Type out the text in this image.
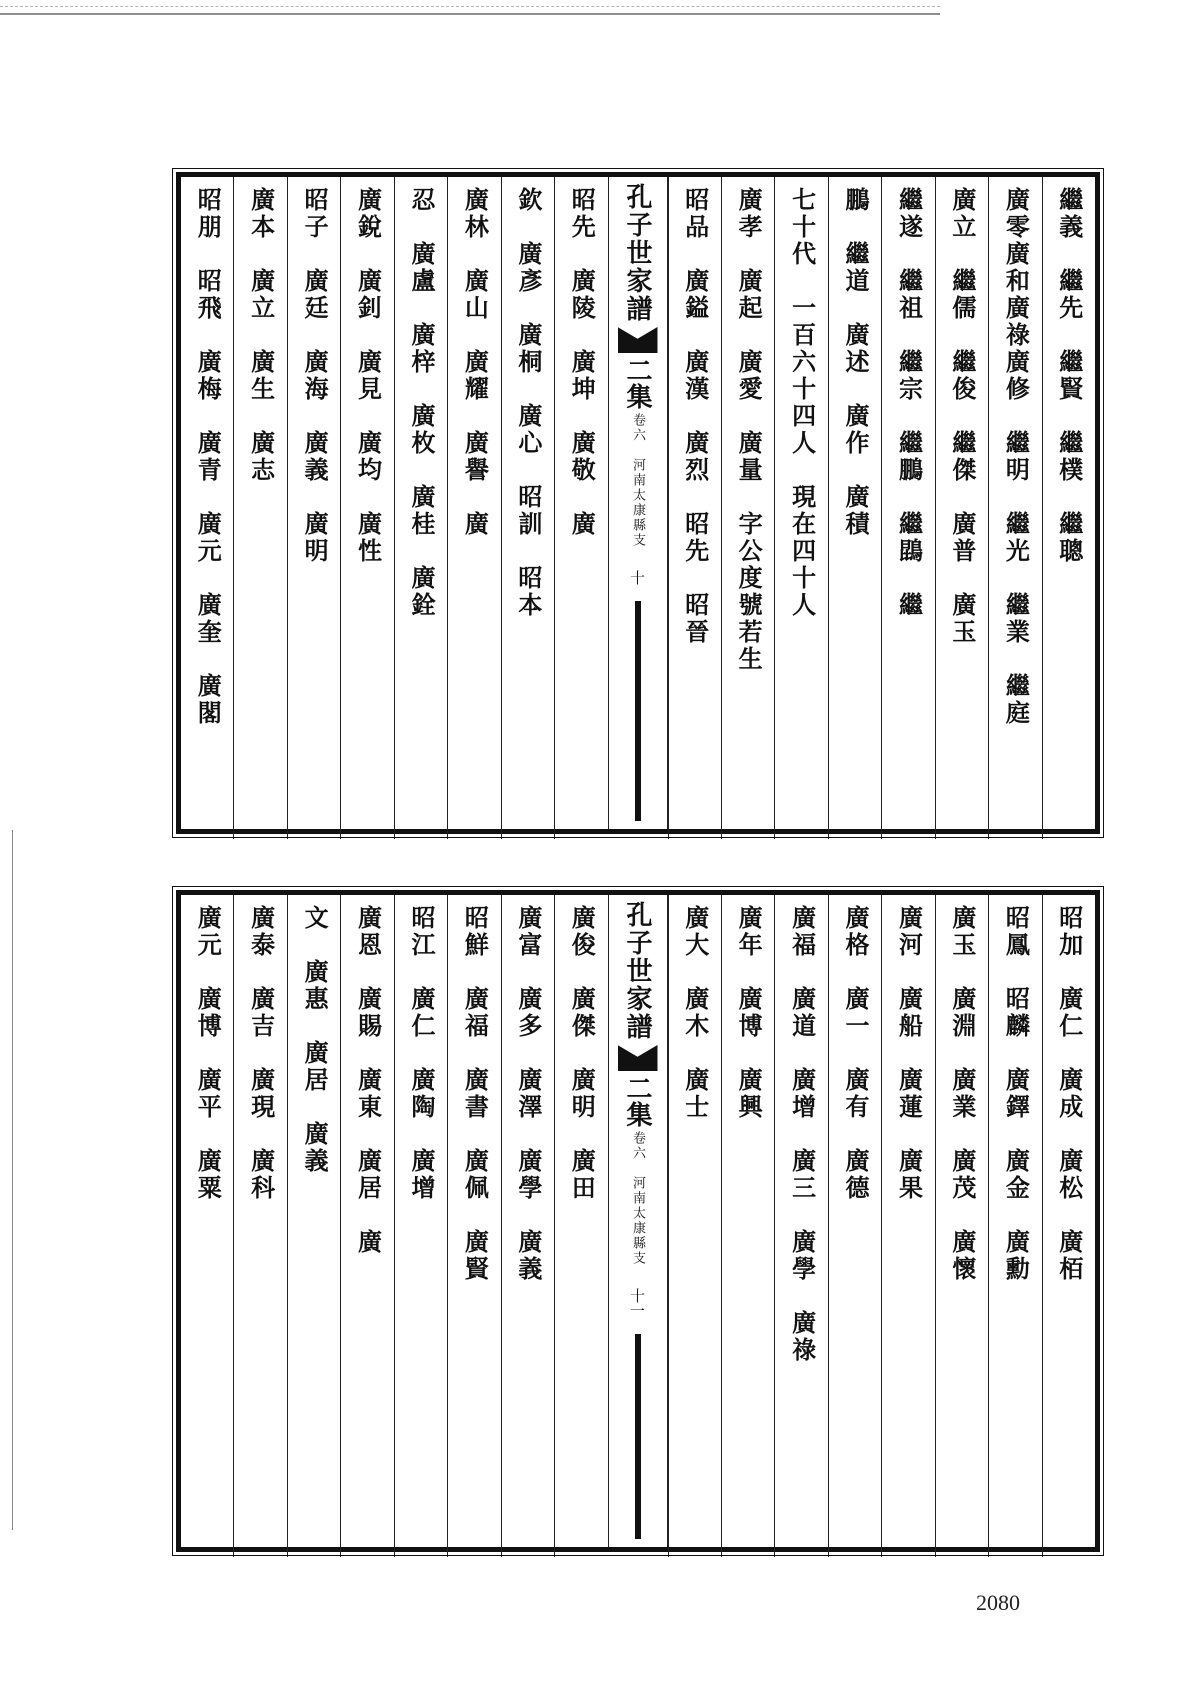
繼義　繼先　繼賢　繼樸　繼聰
廣零廣和廣祿廣修　繼明　繼光　繼業　繼庭
廣立　繼儒　繼俊　繼傑　廣普　廣玉
繼遂　繼祖　繼宗　繼鵬　繼鵾　繼
鵬　繼道　廣述　廣作　廣積
七十代　一百六十四人　現在四十人
廣孝　廣起　廣愛　廣量　字公度號若生
昭品　廣鎰　廣漢　廣烈　昭先　昭晉
孔子世家譜
二集
卷六　河南太康縣支
十
昭先　廣陵　廣坤　廣敬　廣
欽　廣彥　廣桐　廣心　昭訓　昭本
廣林　廣山　廣耀　廣譽　廣
忍　廣盧　廣梓　廣枚　廣桂　廣銓
廣銳　廣釗　廣見　廣均　廣性
昭子　廣廷　廣海　廣義　廣明
廣本　廣立　廣生　廣志
昭朋　昭飛　廣梅　廣青　廣元　廣奎　廣閣
昭加　廣仁　廣成　廣松　廣栢
昭鳳　昭麟　廣鐸　廣金　廣勳
廣玉　廣淵　廣業　廣茂　廣懷
廣河　廣船　廣蓮　廣果
廣格　廣一　廣有　廣德
廣福　廣道　廣增　廣三　廣學　廣祿
廣年　廣博　廣興
廣大　廣木　廣士
孔子世家譜
二集
卷六　河南太康縣支
十一
廣俊　廣傑　廣明　廣田
廣富　廣多　廣澤　廣學　廣義
昭鮮　廣福　廣書　廣佩　廣賢
昭江　廣仁　廣陶　廣增
廣恩　廣賜　廣東　廣居　廣
文　廣惠　廣居　廣義
廣泰　廣吉　廣現　廣科
廣元　廣博　廣平　廣粟
2080
